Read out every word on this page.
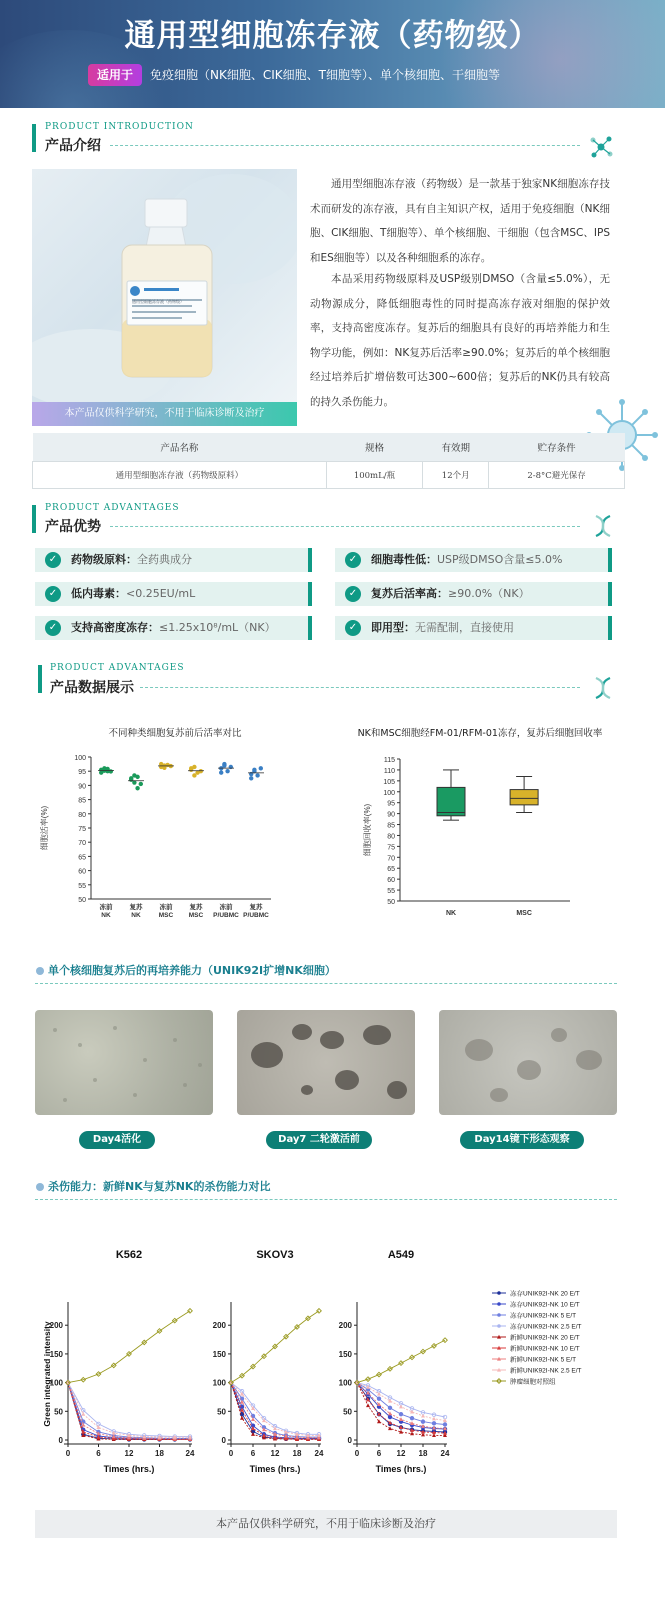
通用型细胞冻存液（药物级）
适用于	免疫细胞（NK细胞、CIK细胞、T细胞等）、单个核细胞、干细胞等
PRODUCT INTRODUCTION
产品介绍
通用型细胞冻存液（药物级）
本产品仅供科学研究，不用于临床诊断及治疗
通用型细胞冻存液（药物级）是一款基于独家NK细胞冻存技术而研发的冻存液，具有自主知识产权，适用于免疫细胞（NK细胞、CIK细胞、T细胞等）、单个核细胞、干细胞（包含MSC、IPS和ES细胞等）以及各种细胞系的冻存。
本品采用药物级原料及USP级别DMSO（含量≤5.0%），无动物源成分，降低细胞毒性的同时提高冻存液对细胞的保护效率，支持高密度冻存。复苏后的细胞具有良好的再培养能力和生物学功能，例如：NK复苏后活率≥90.0%；复苏后的单个核细胞经过培养后扩增倍数可达300~600倍；复苏后的NK仍具有较高的持久杀伤能力。
产品名称	规格	有效期	贮存条件
通用型细胞冻存液（药物级原料）	100mL/瓶	12个月	2-8°C避光保存
PRODUCT ADVANTAGES
产品优势
✓	药物级原料：全药典成分	✓	细胞毒性低：USP级DMSO含量≤5.0%
✓	低内毒素：<0.25EU/mL	✓	复苏后活率高：≥90.0%（NK）
✓	支持高密度冻存：≤1.25x10⁸/mL（NK）	✓	即用型：无需配制，直接使用
PRODUCT ADVANTAGES
产品数据展示
不同种类细胞复苏前后活率对比	NK和MSC细胞经FM-01/RFM-01冻存，复苏后细胞回收率
50
55
60
65
70
75
80
85
90
95
100
细胞活率(%)
冻前
NK
复苏
NK
冻前
MSC
复苏
MSC
冻前
P/UBMC
复苏
P/UBMC
50
55
60
65
70
75
80
85
90
95
100
105
110
115
细胞回收率(%)
NK	MSC
单个核细胞复苏后的再培养能力（UNIK92I扩增NK细胞）
Day4活化	Day7 二轮激活前	Day14镜下形态观察
杀伤能力：新鲜NK与复苏NK的杀伤能力对比
K562
0
50
100
150
200
0	6	12	18	24
Times (hrs.)
Green integrated intensity
SKOV3
0
50
100
150
200
0 6 12 18 24
Times (hrs.)
A549
0
50
100
150
200
0 6 12 18 24
Times (hrs.)
冻存UNIK92I-NK 20 E/T
冻存UNIK92I-NK 10 E/T
冻存UNIK92I-NK 5 E/T
冻存UNIK92I-NK 2.5 E/T
新鲜UNIK92I-NK 20 E/T
新鲜UNIK92I-NK 10 E/T
新鲜UNIK92I-NK 5 E/T
新鲜UNIK92I-NK 2.5 E/T
肿瘤细胞对照组
本产品仅供科学研究，不用于临床诊断及治疗
